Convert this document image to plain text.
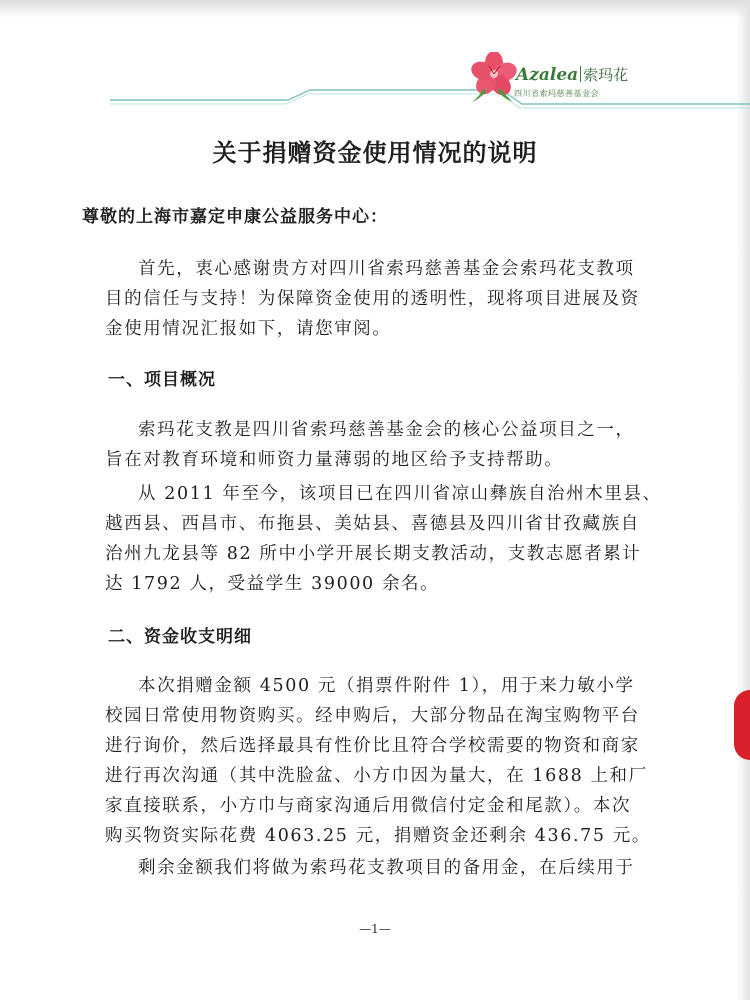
Azalea 索玛花
四川省索玛慈善基金会
关于捐赠资金使用情况的说明
尊敬的上海市嘉定申康公益服务中心：
首先，衷心感谢贵方对四川省索玛慈善基金会索玛花支教项
目的信任与支持！为保障资金使用的透明性，现将项目进展及资
金使用情况汇报如下，请您审阅。
一、项目概况
索玛花支教是四川省索玛慈善基金会的核心公益项目之一，
旨在对教育环境和师资力量薄弱的地区给予支持帮助。
从 2011 年至今，该项目已在四川省凉山彝族自治州木里县、
越西县、西昌市、布拖县、美姑县、喜德县及四川省甘孜藏族自
治州九龙县等 82 所中小学开展长期支教活动，支教志愿者累计
达 1792 人，受益学生 39000 余名。
二、资金收支明细
本次捐赠金额 4500 元（捐票件附件 1），用于来力敏小学
校园日常使用物资购买。经申购后，大部分物品在淘宝购物平台
进行询价，然后选择最具有性价比且符合学校需要的物资和商家
进行再次沟通（其中洗脸盆、小方巾因为量大，在 1688 上和厂
家直接联系，小方巾与商家沟通后用微信付定金和尾款）。本次
购买物资实际花费 4063.25 元，捐赠资金还剩余 436.75 元。
剩余金额我们将做为索玛花支教项目的备用金，在后续用于
—1—
